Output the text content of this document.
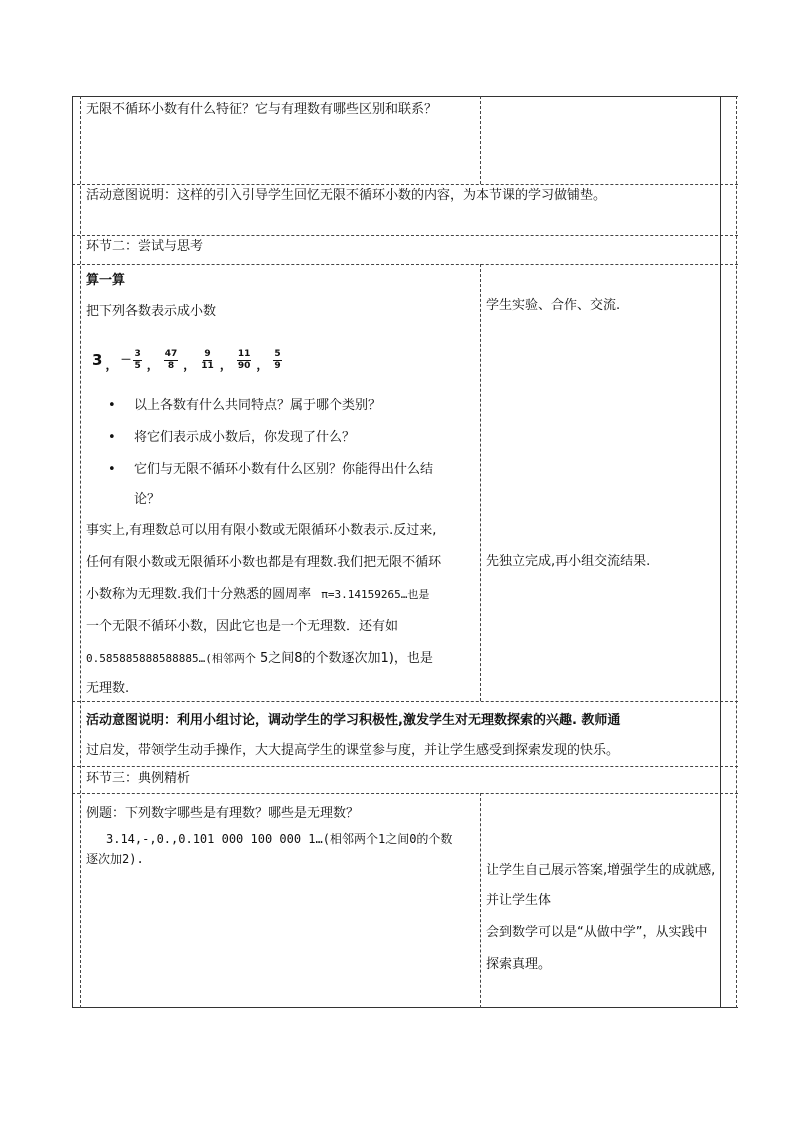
无限不循环小数有什么特征？它与有理数有哪些区别和联系？
活动意图说明：这样的引入引导学生回忆无限不循环小数的内容，为本节课的学习做铺垫。
环节二：尝试与思考
算一算
把下列各数表示成小数
3 ， － $\frac{3}{5}$ ， $\frac{47}{8}$ ， $\frac{9}{11}$ ， $\frac{11}{90}$ ， $\frac{5}{9}$
• 以上各数有什么共同特点？属于哪个类别？
• 将它们表示成小数后，你发现了什么？
• 它们与无限不循环小数有什么区别？你能得出什么结
论？
事实上,有理数总可以用有限小数或无限循环小数表示.反过来,
任何有限小数或无限循环小数也都是有理数.我们把无限不循环
小数称为无理数.我们十分熟悉的圆周率 π=3.14159265…也是
一个无限不循环小数，因此它也是一个无理数．还有如
0.585885888588885…(相邻两个 5之间8的个数逐次加1)，也是
无理数.
学生实验、合作、交流.
先独立完成,再小组交流结果.
活动意图说明：利用小组讨论，调动学生的学习积极性,激发学生对无理数探索的兴趣. 教师通
过启发，带领学生动手操作，大大提高学生的课堂参与度，并让学生感受到探索发现的快乐。
环节三：典例精析
例题：下列数字哪些是有理数？哪些是无理数？
3.14,-,0.,0.101 000 100 000 1…(相邻两个1之间0的个数
逐次加2).
让学生自己展示答案,增强学生的成就感,
并让学生体
会到数学可以是“从做中学”，从实践中
探索真理。
